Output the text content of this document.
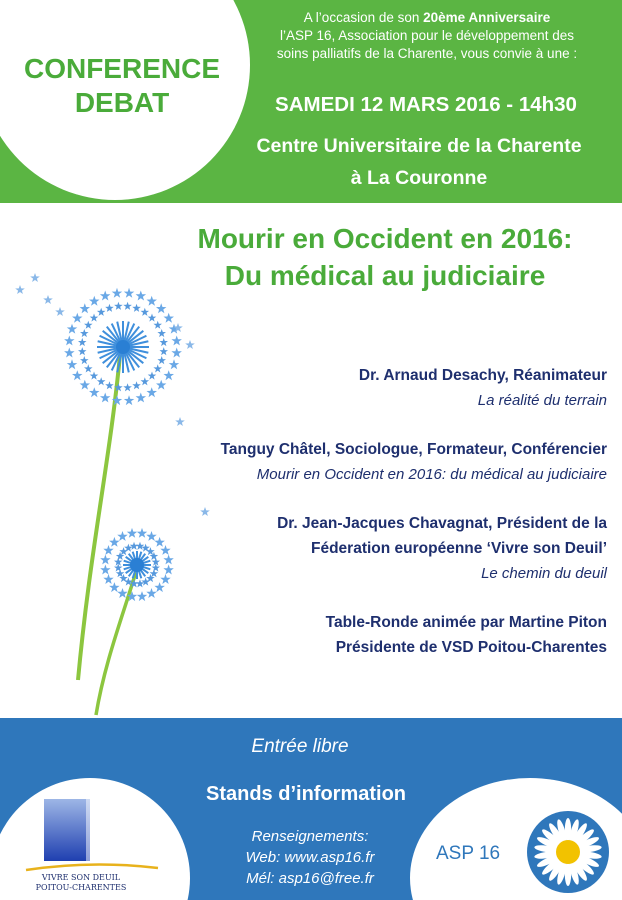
CONFERENCE
DEBAT
A l’occasion de son 20ème Anniversaire
l’ASP 16, Association pour le développement des
soins palliatifs de la Charente, vous convie à une :
SAMEDI 12 MARS 2016 - 14h30
Centre Universitaire de la Charente
à La Couronne
Mourir en Occident en 2016:
Du médical au judiciaire
Dr. Arnaud Desachy, Réanimateur
La réalité du terrain
Tanguy Châtel, Sociologue, Formateur, Conférencier
Mourir en Occident en 2016: du médical au judiciaire
Dr. Jean-Jacques Chavagnat, Président de la
Féderation européenne ‘Vivre son Deuil’
Le chemin du deuil
Table-Ronde animée par Martine Piton
Présidente de VSD Poitou-Charentes
Entrée libre
Stands d’information
Renseignements:
Web: www.asp16.fr
Mél: asp16@free.fr
VIVRE SON DEUIL
POITOU-CHARENTES
ASP 16
